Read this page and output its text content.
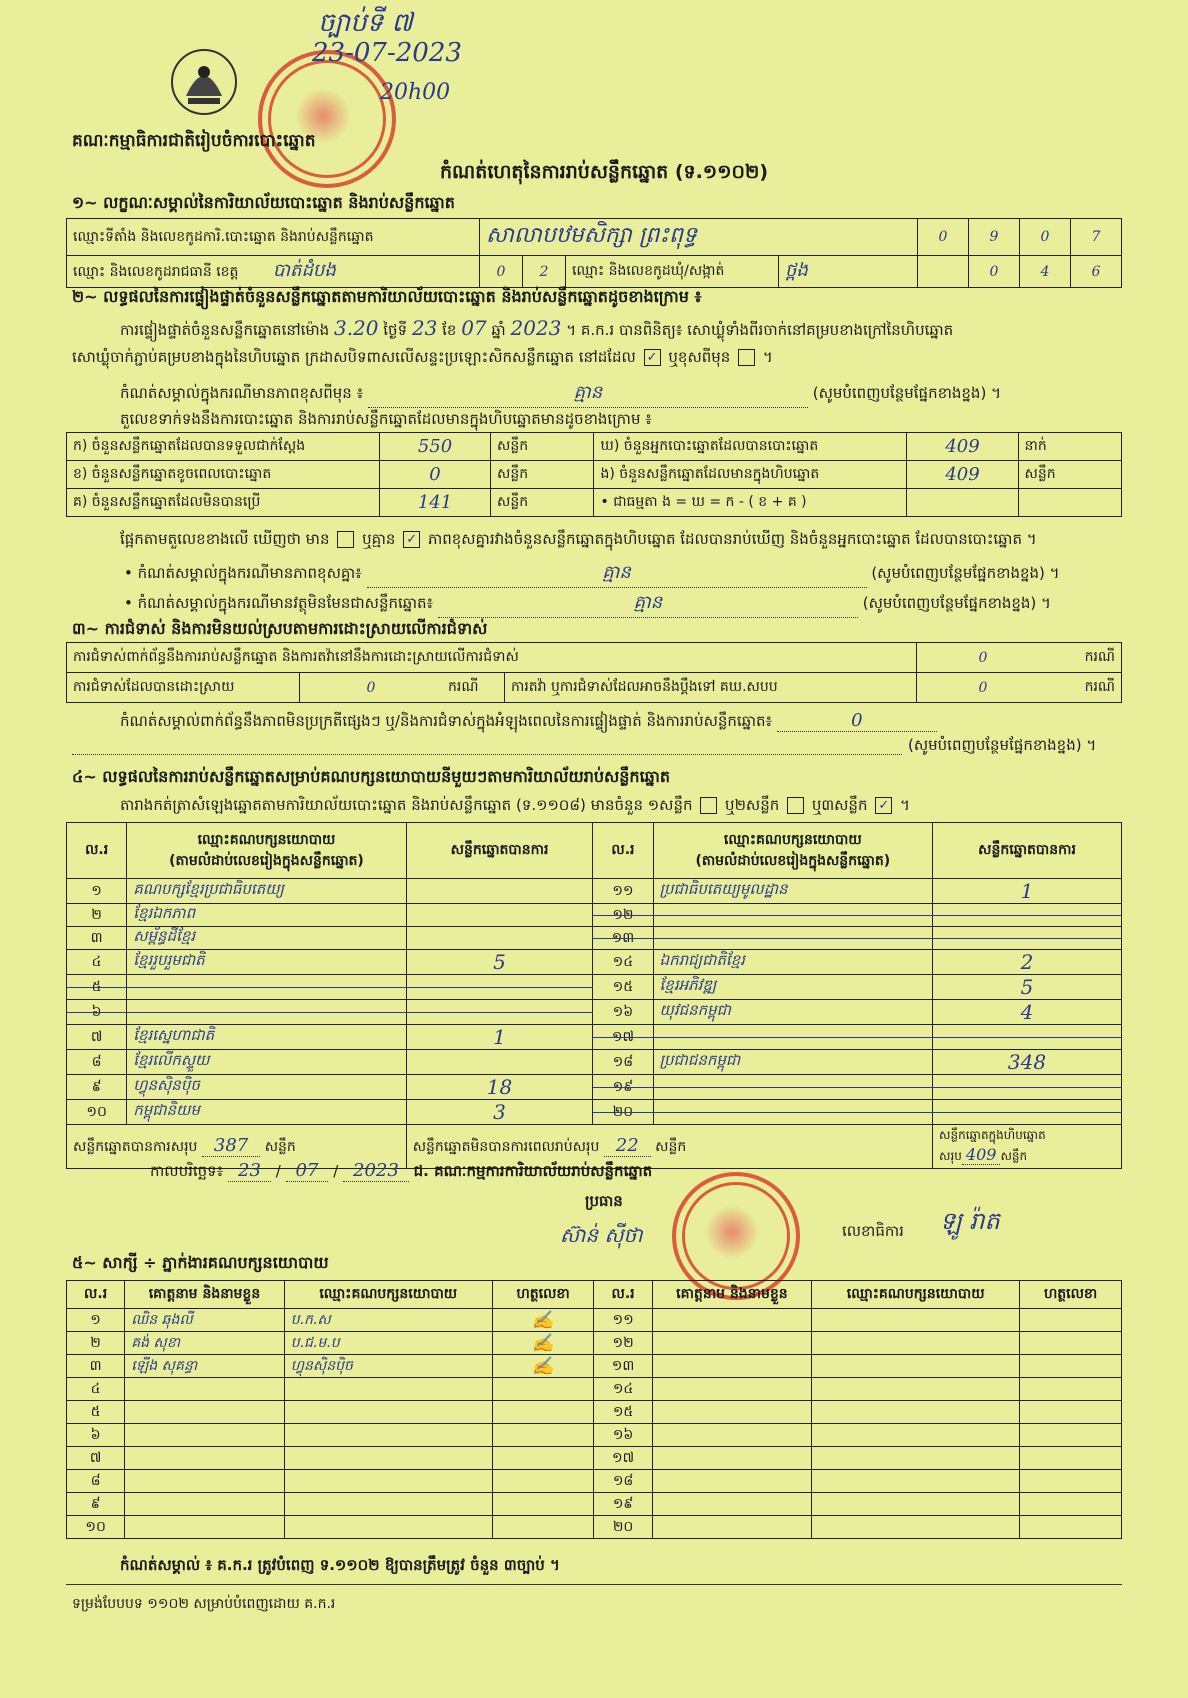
ច្បាប់ទី ៧
23-07-2023
20h00
គណៈកម្មាធិការជាតិរៀបចំការបោះឆ្នោត
កំណត់ហេតុនៃការរាប់សន្លឹកឆ្នោត (ទ.១១០២)
១~ លក្ខណៈសម្គាល់នៃការិយាល័យបោះឆ្នោត និងរាប់សន្លឹកឆ្នោត
ឈ្មោះទីតាំង និងលេខកូដការិ.បោះឆ្នោត និងរាប់សន្លឹកឆ្នោត	សាលាបឋមសិក្សា ព្រះពុទ្ធ				0	9	0	7
ឈ្មោះ និងលេខកូដរាជធានី ខេត្ត បាត់ដំបង	0	2	ឈ្មោះ និងលេខកូដឃុំ/សង្កាត់	ថ្ពង		0	4	6
២~ លទ្ធផលនៃការផ្ទៀងផ្ទាត់ចំនួនសន្លឹកឆ្នោតតាមការិយាល័យបោះឆ្នោត និងរាប់សន្លឹកឆ្នោតដូចខាងក្រោម ៖
ការផ្ទៀងផ្ទាត់ចំនួនសន្លឹកឆ្នោតនៅម៉ោង 3.20 ថ្ងៃទី 23 ខែ 07 ឆ្នាំ 2023 ។ គ.ក.រ បានពិនិត្យ៖ សោឃ្លុំទាំងពីរចាក់នៅគម្របខាងក្រៅនៃហិបឆ្នោត
សោឃ្លុំចាក់ភ្ជាប់គម្របខាងក្នុងនៃហិបឆ្នោត ក្រដាសបិទពាសលើសន្ទះប្រឡោះសិកសន្លឹកឆ្នោត នៅដដែល ✓ ឬខុសពីមុន  ។
កំណត់សម្គាល់ក្នុងករណីមានភាពខុសពីមុន ៖	គ្មាន	(សូមបំពេញបន្ថែមផ្នែកខាងខ្នង) ។
តួលេខទាក់ទងនឹងការបោះឆ្នោត និងការរាប់សន្លឹកឆ្នោតដែលមានក្នុងហិបឆ្នោតមានដូចខាងក្រោម ៖
ក) ចំនួនសន្លឹកឆ្នោតដែលបានទទួលជាក់ស្ដែង	550	សន្លឹក	ឃ) ចំនួនអ្នកបោះឆ្នោតដែលបានបោះឆ្នោត	409	នាក់
ខ) ចំនួនសន្លឹកឆ្នោតខូចពេលបោះឆ្នោត	0	សន្លឹក	ង) ចំនួនសន្លឹកឆ្នោតដែលមានក្នុងហិបឆ្នោត	409	សន្លឹក
គ) ចំនួនសន្លឹកឆ្នោតដែលមិនបានប្រើ	141	សន្លឹក	• ជាធម្មតា ង = ឃ = ក - ( ខ + គ )		
ផ្អែកតាមតួលេខខាងលើ ឃើញថា មាន ឬគ្មាន ✓ ភាពខុសគ្នារវាងចំនួនសន្លឹកឆ្នោតក្នុងហិបឆ្នោត ដែលបានរាប់ឃើញ និងចំនួនអ្នកបោះឆ្នោត ដែលបានបោះឆ្នោត ។
• កំណត់សម្គាល់ក្នុងករណីមានភាពខុសគ្នា៖	គ្មាន	(សូមបំពេញបន្ថែមផ្នែកខាងខ្នង) ។
• កំណត់សម្គាល់ក្នុងករណីមានវត្ថុមិនមែនជាសន្លឹកឆ្នោត៖	គ្មាន	(សូមបំពេញបន្ថែមផ្នែកខាងខ្នង) ។
៣~ ការជំទាស់ និងការមិនយល់ស្របតាមការដោះស្រាយលើការជំទាស់
ការជំទាស់ពាក់ព័ន្ធនឹងការរាប់សន្លឹកឆ្នោត និងការតវ៉ានៅនឹងការដោះស្រាយលើការជំទាស់				0	ករណី
ការជំទាស់ដែលបានដោះស្រាយ	0	ករណី	ការតវ៉ា ឬការជំទាស់ដែលអាចនឹងប្ដឹងទៅ គឃ.សបប	0	ករណី
កំណត់សម្គាល់ពាក់ព័ន្ធនឹងភាពមិនប្រក្រតីផ្សេងៗ ឬ/និងការជំទាស់ក្នុងអំឡុងពេលនៃការផ្ទៀងផ្ទាត់ និងការរាប់សន្លឹកឆ្នោត៖	0
(សូមបំពេញបន្ថែមផ្នែកខាងខ្នង) ។
៤~ លទ្ធផលនៃការរាប់សន្លឹកឆ្នោតសម្រាប់គណបក្សនយោបាយនីមួយៗតាមការិយាល័យរាប់សន្លឹកឆ្នោត
តារាងកត់ត្រាសំឡេងឆ្នោតតាមការិយាល័យបោះឆ្នោត និងរាប់សន្លឹកឆ្នោត (ទ.១១០៨) មានចំនួន ១សន្លឹក ឬ២សន្លឹក ឬ៣សន្លឹក ✓ ។
ល.រ	ឈ្មោះគណបក្សនយោបាយ
(តាមលំដាប់លេខរៀងក្នុងសន្លឹកឆ្នោត)	សន្លឹកឆ្នោតបានការ	ល.រ	ឈ្មោះគណបក្សនយោបាយ
(តាមលំដាប់លេខរៀងក្នុងសន្លឹកឆ្នោត)	សន្លឹកឆ្នោតបានការ
១	គណបក្សខ្មែរប្រជាធិបតេយ្យ		១១	ប្រជាធិបតេយ្យមូលដ្ឋាន	1
២	ខ្មែរឯកភាព		១២		
៣	សម្ព័ន្ធដីខ្មែរ		១៣		
៤	ខ្មែររួបរួមជាតិ	5	១៤	ឯករាជ្យជាតិខ្មែរ	2
៥			១៥	ខ្មែរអភិវឌ្ឍ	5
៦			១៦	យុវជនកម្ពុជា	4
៧	ខ្មែរស្នេហាជាតិ	1	១៧		
៨	ខ្មែរលើកស្ទួយ		១៨	ប្រជាជនកម្ពុជា	348
៩	ហ្វុនស៊ិនប៉ិច	18	១៩		
១០	កម្ពុជានិយម	3	២០		
សន្លឹកឆ្នោតបានការសរុប 387 សន្លឹក		សន្លឹកឆ្នោតមិនបានការពេលរាប់សរុប 22 សន្លឹក			សន្លឹកឆ្នោតក្នុងហិបឆ្នោតសរុប 409 សន្លឹក
កាលបរិច្ឆេទ៖ 23 / 07 / 2023 ជ. គណៈកម្មការការិយាល័យរាប់សន្លឹកឆ្នោត
ប្រធាន
ស៊ាន់ ស៊ីថា	លេខាធិការ ឡូ រ៉ាត
៥~ សាក្សី ÷ ភ្នាក់ងារគណបក្សនយោបាយ
ល.រ	គោត្តនាម និងនាមខ្លួន	ឈ្មោះគណបក្សនយោបាយ	ហត្ថលេខា	ល.រ	គោត្តនាម និងនាមខ្លួន	ឈ្មោះគណបក្សនយោបាយ	ហត្ថលេខា
១	ឈិន ឆុងលី	ប.ក.ស	✍	១១			
២	គង់ សុខា	ប.ជ.ម.ប	✍	១២			
៣	ឡើង សុគន្ធា	ហ្វុនស៊ិនប៉ិច	✍	១៣			
៤				១៤			
៥				១៥			
៦				១៦			
៧				១៧			
៨				១៨			
៩				១៩			
១០				២០			
កំណត់សម្គាល់ ៖ គ.ក.រ ត្រូវបំពេញ ទ.១១០២ ឱ្យបានត្រឹមត្រូវ ចំនួន ៣ច្បាប់ ។
ទម្រង់បែបបទ ១១០២ សម្រាប់បំពេញដោយ គ.ក.រ
